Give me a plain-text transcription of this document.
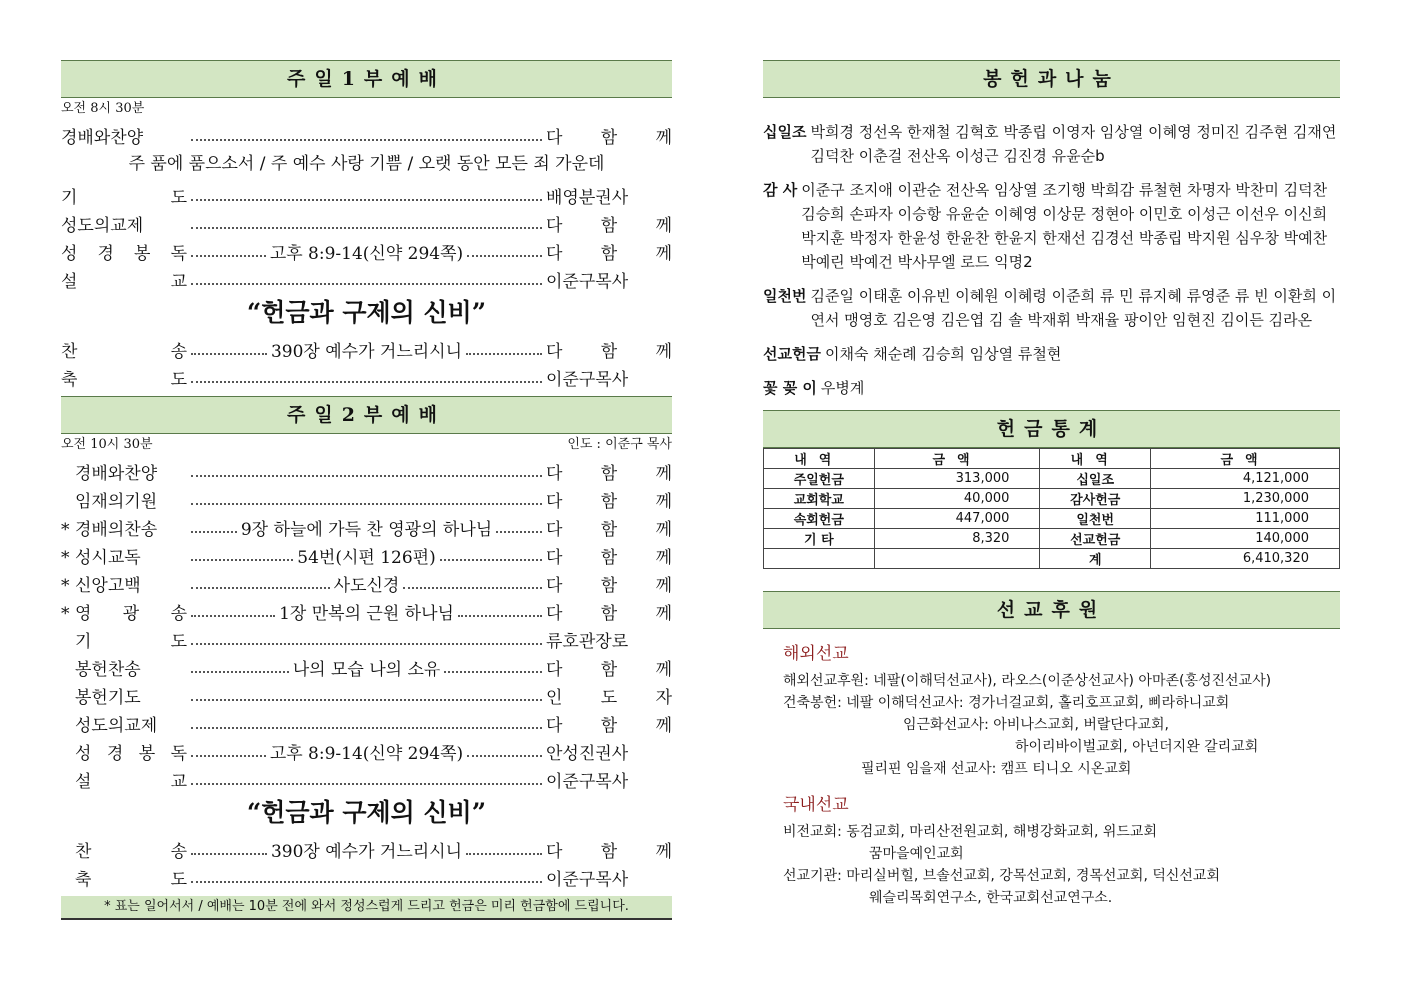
주일1부예배
오전 8시 30분
경배와찬양	다 함 께
주 품에 품으소서 / 주 예수 사랑 기쁨 / 오랫 동안 모든 죄 가운데
기 도	배영분권사
성도의교제	다 함 께
성 경 봉 독	고후 8:9-14(신약 294쪽)	다 함 께
설 교	이준구목사
“헌금과 구제의 신비”
찬 송	390장 예수가 거느리시니	다 함 께
축 도	이준구목사
주일2부예배
오전 10시 30분	인도 : 이준구 목사
경배와찬양	다 함 께
임재의기원	다 함 께
* 경배의찬송	9장 하늘에 가득 찬 영광의 하나님	다 함 께
* 성시교독	54번(시편 126편)	다 함 께
* 신앙고백	사도신경	다 함 께
* 영 광 송	1장 만복의 근원 하나님	다 함 께
기 도	류호관장로
봉헌찬송	나의 모습 나의 소유	다 함 께
봉헌기도	인 도 자
성도의교제	다 함 께
성 경 봉 독	고후 8:9-14(신약 294쪽)	안성진권사
설 교	이준구목사
“헌금과 구제의 신비”
찬 송	390장 예수가 거느리시니	다 함 께
축 도	이준구목사
* 표는 일어서서 / 예배는 10분 전에 와서 정성스럽게 드리고 헌금은 미리 헌금함에 드립니다.
봉헌과나눔
십일조 박희경 정선옥 한재철 김혁호 박종립 이영자 임상열 이혜영 정미진 김주현 김재연 김덕찬 이춘걸 전산옥 이성근 김진경 유윤순b
감 사 이준구 조지애 이관순 전산옥 임상열 조기행 박희감 류철현 차명자 박찬미 김덕찬 김승희 손파자 이승항 유윤순 이혜영 이상문 정현아 이민호 이성근 이선우 이신희 박지훈 박정자 한윤성 한윤찬 한윤지 한재선 김경선 박종립 박지원 심우창 박예찬 박예린 박예건 박사무엘 로드 익명2
일천번 김준일 이태훈 이유빈 이혜원 이혜령 이준희 류 민 류지혜 류영준 류 빈 이환희 이연서 맹영호 김은영 김은엽 김 솔 박재휘 박재율 팡이안 임현진 김이든 김라온
선교헌금 이채숙 채순례 김승희 임상열 류철현
꽃 꽂 이 우병계
헌금통계
내역	금액	내역	금액
주일헌금	313,000	십일조	4,121,000
교회학교	40,000	감사헌금	1,230,000
속회헌금	447,000	일천번	111,000
기 타	8,320	선교헌금	140,000
		계	6,410,320
선교후원
해외선교
해외선교후원: 네팔(이해덕선교사), 라오스(이준상선교사) 아마존(홍성진선교사)
건축봉헌: 네팔 이해덕선교사: 경가너걸교회, 홀리호프교회, 삐라하니교회
임근화선교사: 아비나스교회, 버랄단다교회,
하이리바이벌교회, 아넌더지완 갈리교회
필리핀 임을재 선교사: 캠프 티니오 시온교회
국내선교
비전교회: 동검교회, 마리산전원교회, 해병강화교회, 위드교회
꿈마을예인교회
선교기관: 마리실버힐, 브솔선교회, 강목선교회, 경목선교회, 덕신선교회
웨슬리목회연구소, 한국교회선교연구소.
